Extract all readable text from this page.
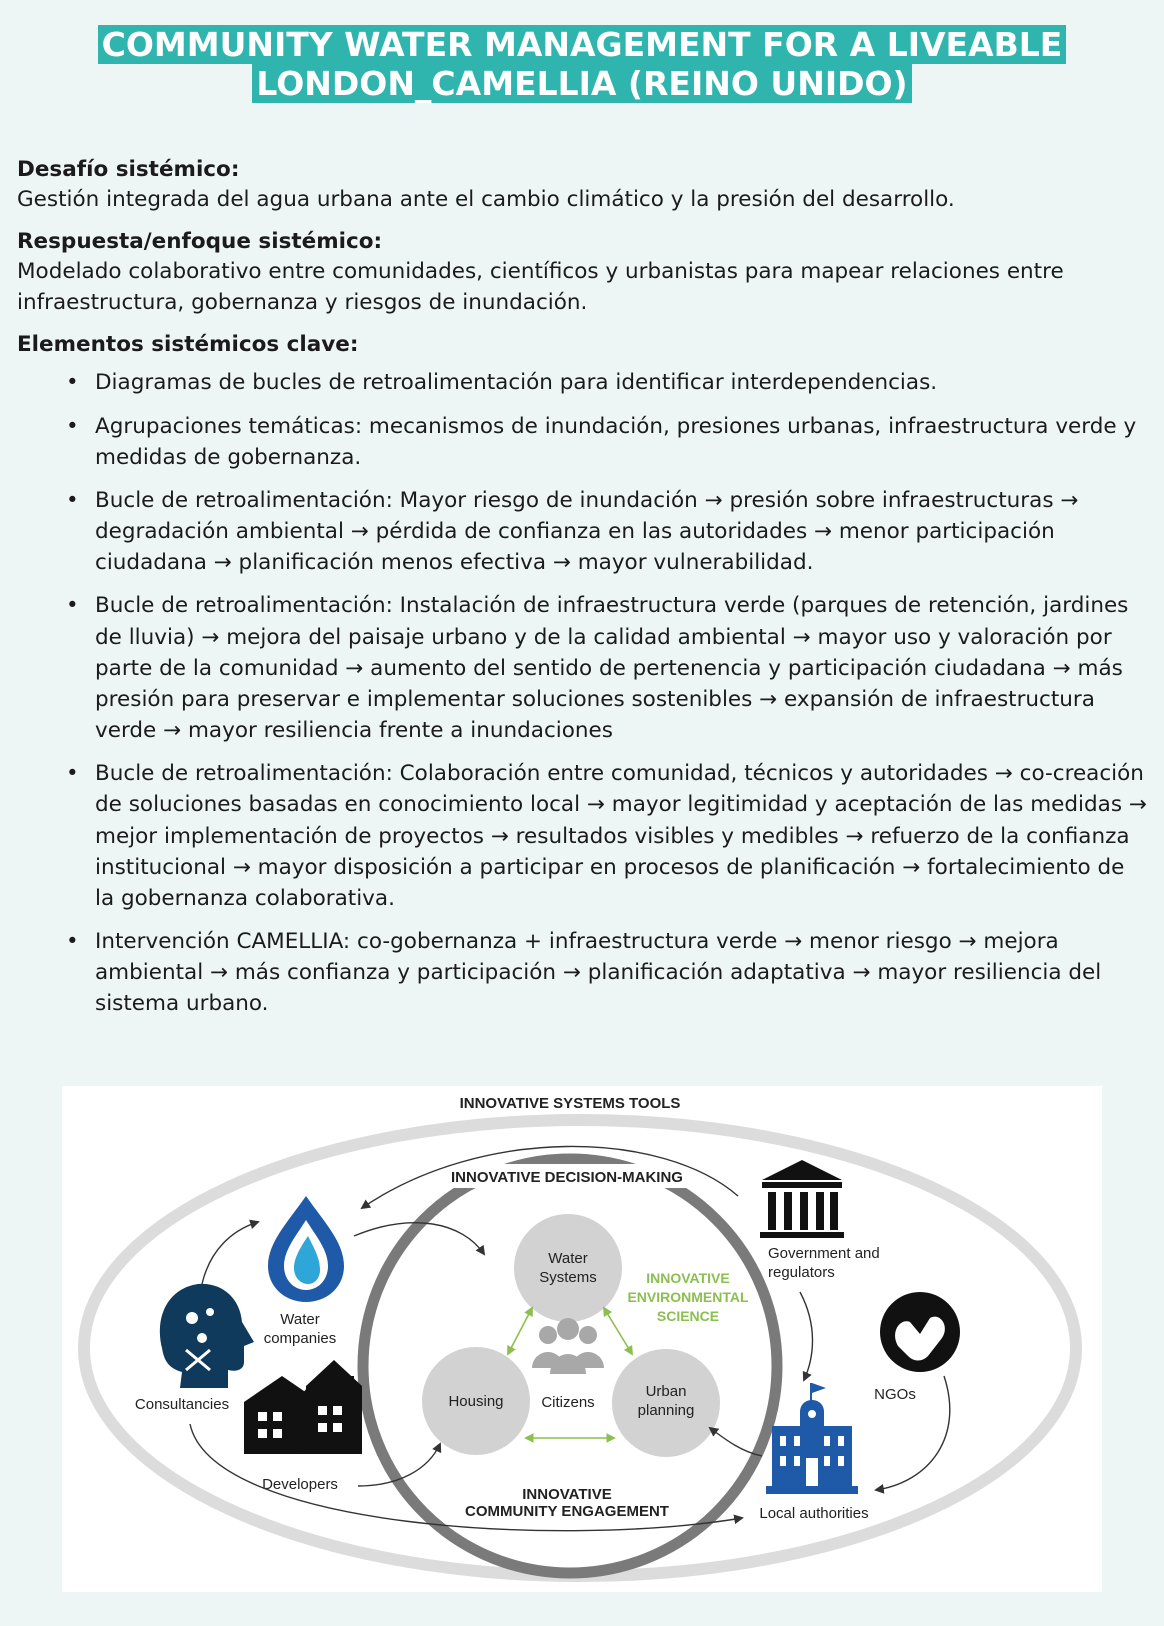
COMMUNITY WATER MANAGEMENT FOR A LIVEABLE
LONDON_CAMELLIA (REINO UNIDO)

Desafío sistémico:

Gestión integrada del agua urbana ante el cambio climático y la presión del desarrollo.

Respuesta/enfoque sistémico:

Modelado colaborativo entre comunidades, científicos y urbanistas para mapear relaciones entre infraestructura, gobernanza y riesgos de inundación.

Elementos sistémicos clave:

• Diagramas de bucles de retroalimentación para identificar interdependencias.
• Agrupaciones temáticas: mecanismos de inundación, presiones urbanas, infraestructura verde y medidas de gobernanza.
• Bucle de retroalimentación: Mayor riesgo de inundación → presión sobre infraestructuras → degradación ambiental → pérdida de confianza en las autoridades → menor participación ciudadana → planificación menos efectiva → mayor vulnerabilidad.
• Bucle de retroalimentación: Instalación de infraestructura verde (parques de retención, jardines de lluvia) → mejora del paisaje urbano y de la calidad ambiental → mayor uso y valoración por parte de la comunidad → aumento del sentido de pertenencia y participación ciudadana → más presión para preservar e implementar soluciones sostenibles → expansión de infraestructura verde → mayor resiliencia frente a inundaciones
• Bucle de retroalimentación: Colaboración entre comunidad, técnicos y autoridades → co-creación de soluciones basadas en conocimiento local → mayor legitimidad y aceptación de las medidas → mejor implementación de proyectos → resultados visibles y medibles → refuerzo de la confianza institucional → mayor disposición a participar en procesos de planificación → fortalecimiento de la gobernanza colaborativa.
• Intervención CAMELLIA: co-gobernanza + infraestructura verde → menor riesgo → mejora ambiental → más confianza y participación → planificación adaptativa → mayor resiliencia del sistema urbano.
INNOVATIVE SYSTEMS TOOLS
INNOVATIVE DECISION-MAKING
INNOVATIVE
COMMUNITY ENGAGEMENT
Water
Systems
Housing
Urban
planning
Citizens
INNOVATIVE
ENVIRONMENTAL
SCIENCE
Water
companies
Consultancies
Developers
Government and
regulators
NGOs
Local authorities
